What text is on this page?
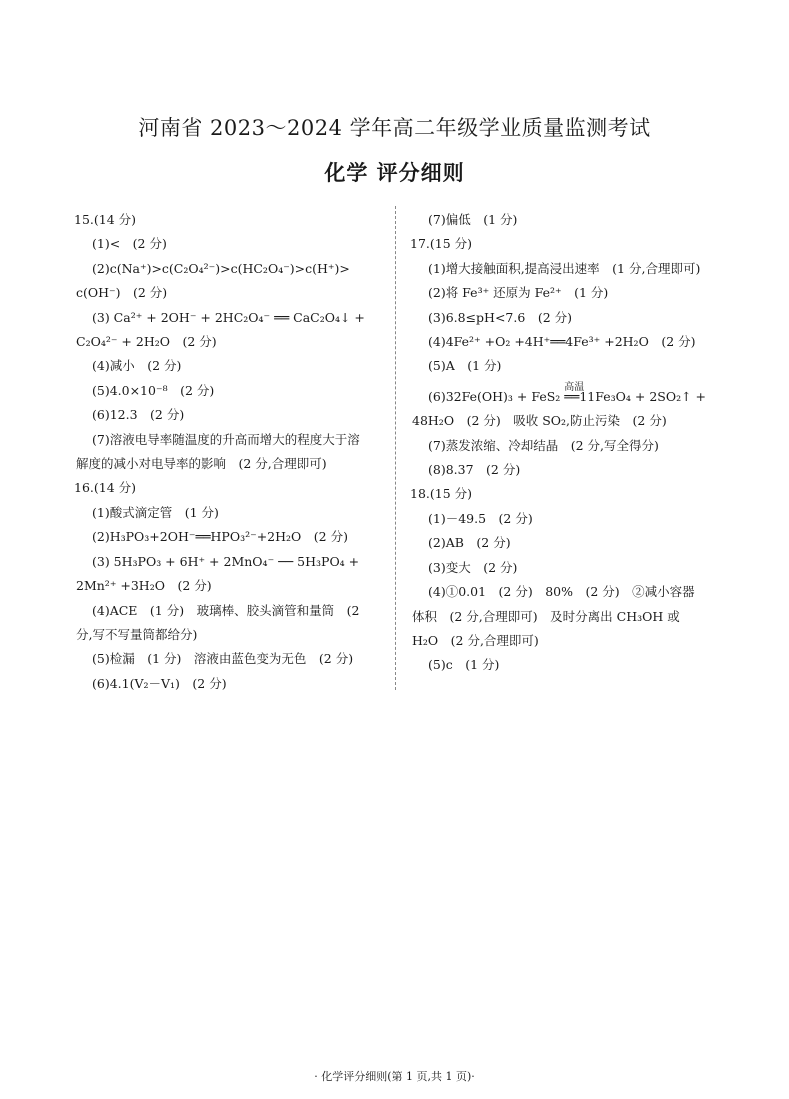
河南省 2023～2024 学年高二年级学业质量监测考试
化学 评分细则
15.(14 分)
(1)<　(2 分)
(2)c(Na⁺)>c(C₂O₄²⁻)>c(HC₂O₄⁻)>c(H⁺)>
c(OH⁻)　(2 分)
(3) Ca²⁺ + 2OH⁻ + 2HC₂O₄⁻ ══ CaC₂O₄↓ +
C₂O₄²⁻ + 2H₂O　(2 分)
(4)减小　(2 分)
(5)4.0×10⁻⁸　(2 分)
(6)12.3　(2 分)
(7)溶液电导率随温度的升高而增大的程度大于溶
解度的减小对电导率的影响　(2 分,合理即可)
16.(14 分)
(1)酸式滴定管　(1 分)
(2)H₃PO₃+2OH⁻══HPO₃²⁻+2H₂O　(2 分)
(3) 5H₃PO₃ + 6H⁺ + 2MnO₄⁻ ── 5H₃PO₄ +
2Mn²⁺ +3H₂O　(2 分)
(4)ACE　(1 分)　玻璃棒、胶头滴管和量筒　(2
分,写不写量筒都给分)
(5)检漏　(1 分)　溶液由蓝色变为无色　(2 分)
(6)4.1(V₂－V₁)　(2 分)
(7)偏低　(1 分)
17.(15 分)
(1)增大接触面积,提高浸出速率　(1 分,合理即可)
(2)将 Fe³⁺ 还原为 Fe²⁺　(1 分)
(3)6.8≤pH<7.6　(2 分)
(4)4Fe²⁺ +O₂ +4H⁺══4Fe³⁺ +2H₂O　(2 分)
(5)A　(1 分)
(6)32Fe(OH)₃ + FeS₂
高温
══11Fe₃O₄ + 2SO₂↑ +
48H₂O　(2 分)　吸收 SO₂,防止污染　(2 分)
(7)蒸发浓缩、冷却结晶　(2 分,写全得分)
(8)8.37　(2 分)
18.(15 分)
(1)－49.5　(2 分)
(2)AB　(2 分)
(3)变大　(2 分)
(4)①0.01　(2 分)　80%　(2 分)　②减小容器
体积　(2 分,合理即可)　及时分离出 CH₃OH 或
H₂O　(2 分,合理即可)
(5)c　(1 分)
· 化学评分细则(第 1 页,共 1 页)·
